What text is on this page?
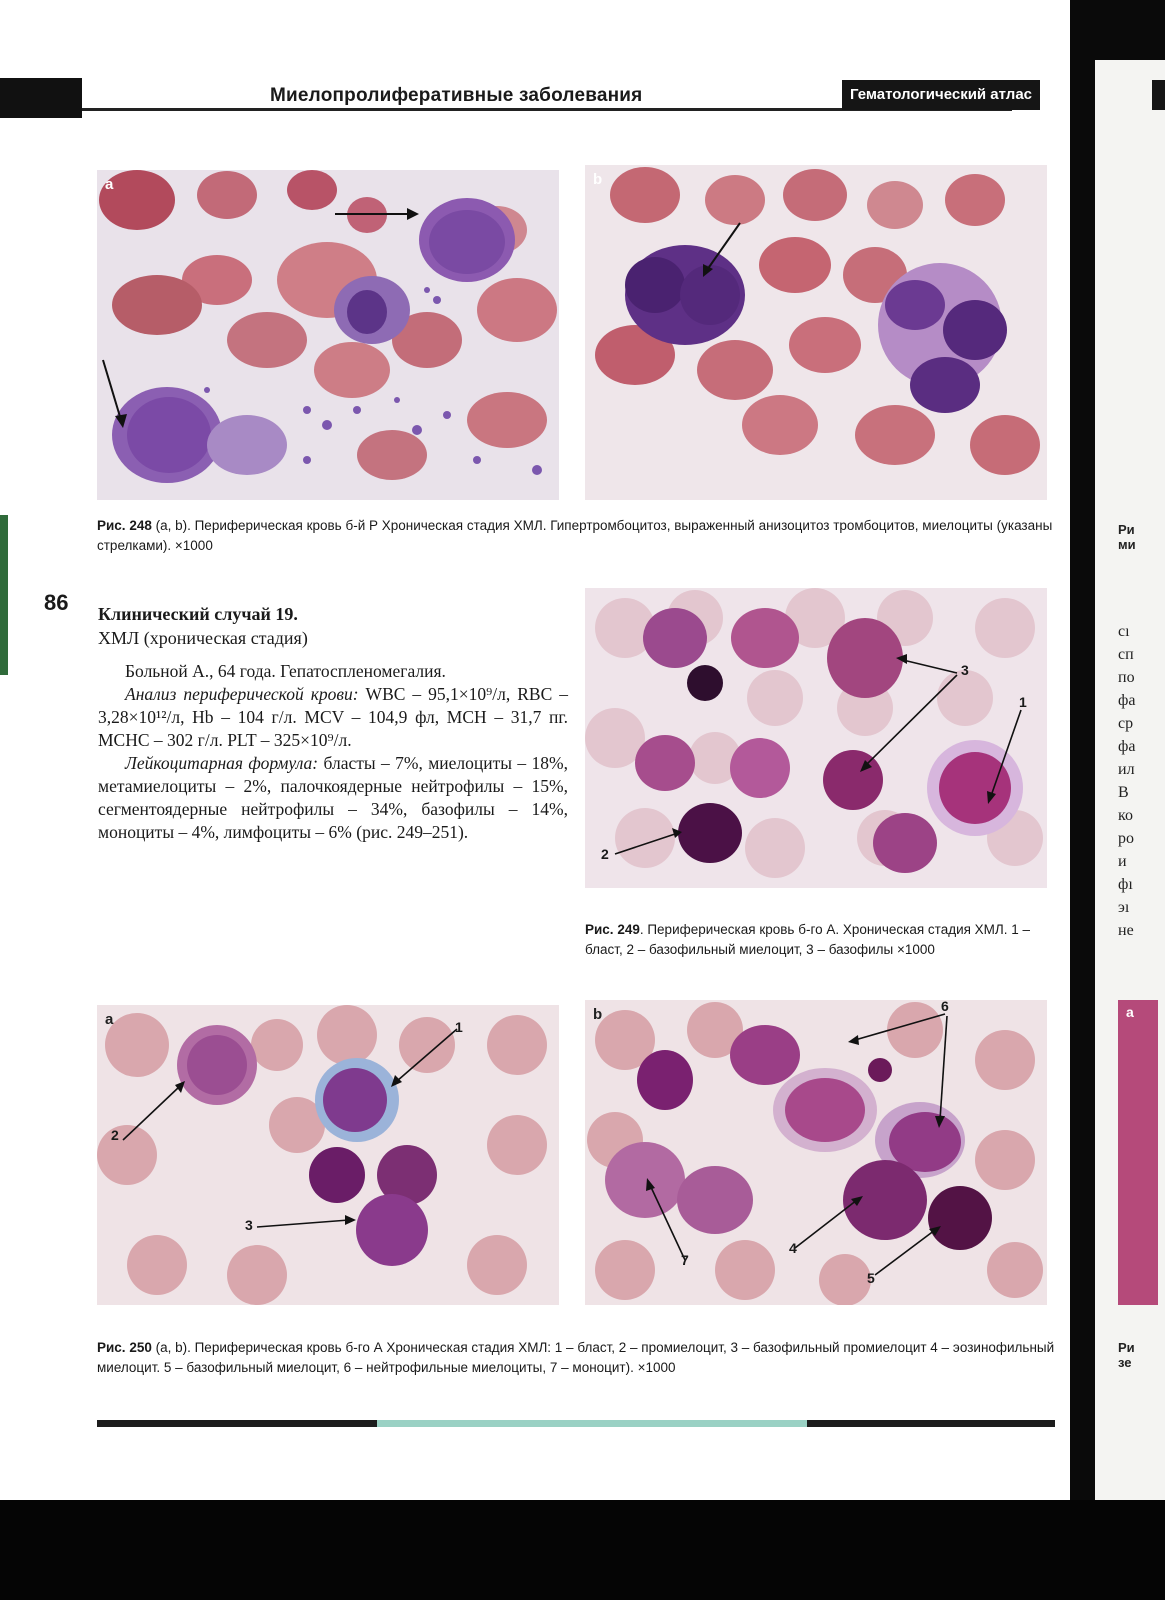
Миелопролиферативные заболевания	Гематологический атлас
86
a	b
Рис. 248 (a, b). Периферическая кровь б-й Р Хроническая стадия ХМЛ. Гипертромбоцитоз, выраженный анизоцитоз тромбоцитов, миелоциты (указаны стрелками). ×1000
Клинический случай 19.
ХМЛ (хроническая стадия)

Больной А., 64 года. Гепатоспленомегалия.

Анализ периферической крови: WBC – 95,1×10⁹/л, RBC – 3,28×10¹²/л, Hb – 104 г/л. MCV – 104,9 фл, MCH – 31,7 пг. MCHC – 302 г/л. PLT – 325×10⁹/л.

Лейкоцитарная формула: бласты – 7%, миелоциты – 18%, метамиелоциты – 2%, палочкоядерные нейтрофилы – 15%, сегментоядерные нейтрофилы – 34%, базофилы – 14%, моноциты – 4%, лимфоциты – 6% (рис. 249–251).

3
1
2
Рис. 249. Периферическая кровь б-го А. Хроническая стадия ХМЛ. 1 – бласт, 2 – базофильный миелоцит, 3 – базофилы ×1000
a	1
2
3
b	6
7
4
5
Рис. 250 (a, b). Периферическая кровь б-го А Хроническая стадия ХМЛ: 1 – бласт, 2 – промиелоцит, 3 – базофильный промиелоцит 4 – эозинофильный миелоцит. 5 – базофильный миелоцит, 6 – нейтрофильные миелоциты, 7 – моноцит). ×1000
Ри
ми
сı
сп
по
фа
ср
фа
ил
В
ко
ро
и
фı
эı
не
a
Ри
зе
